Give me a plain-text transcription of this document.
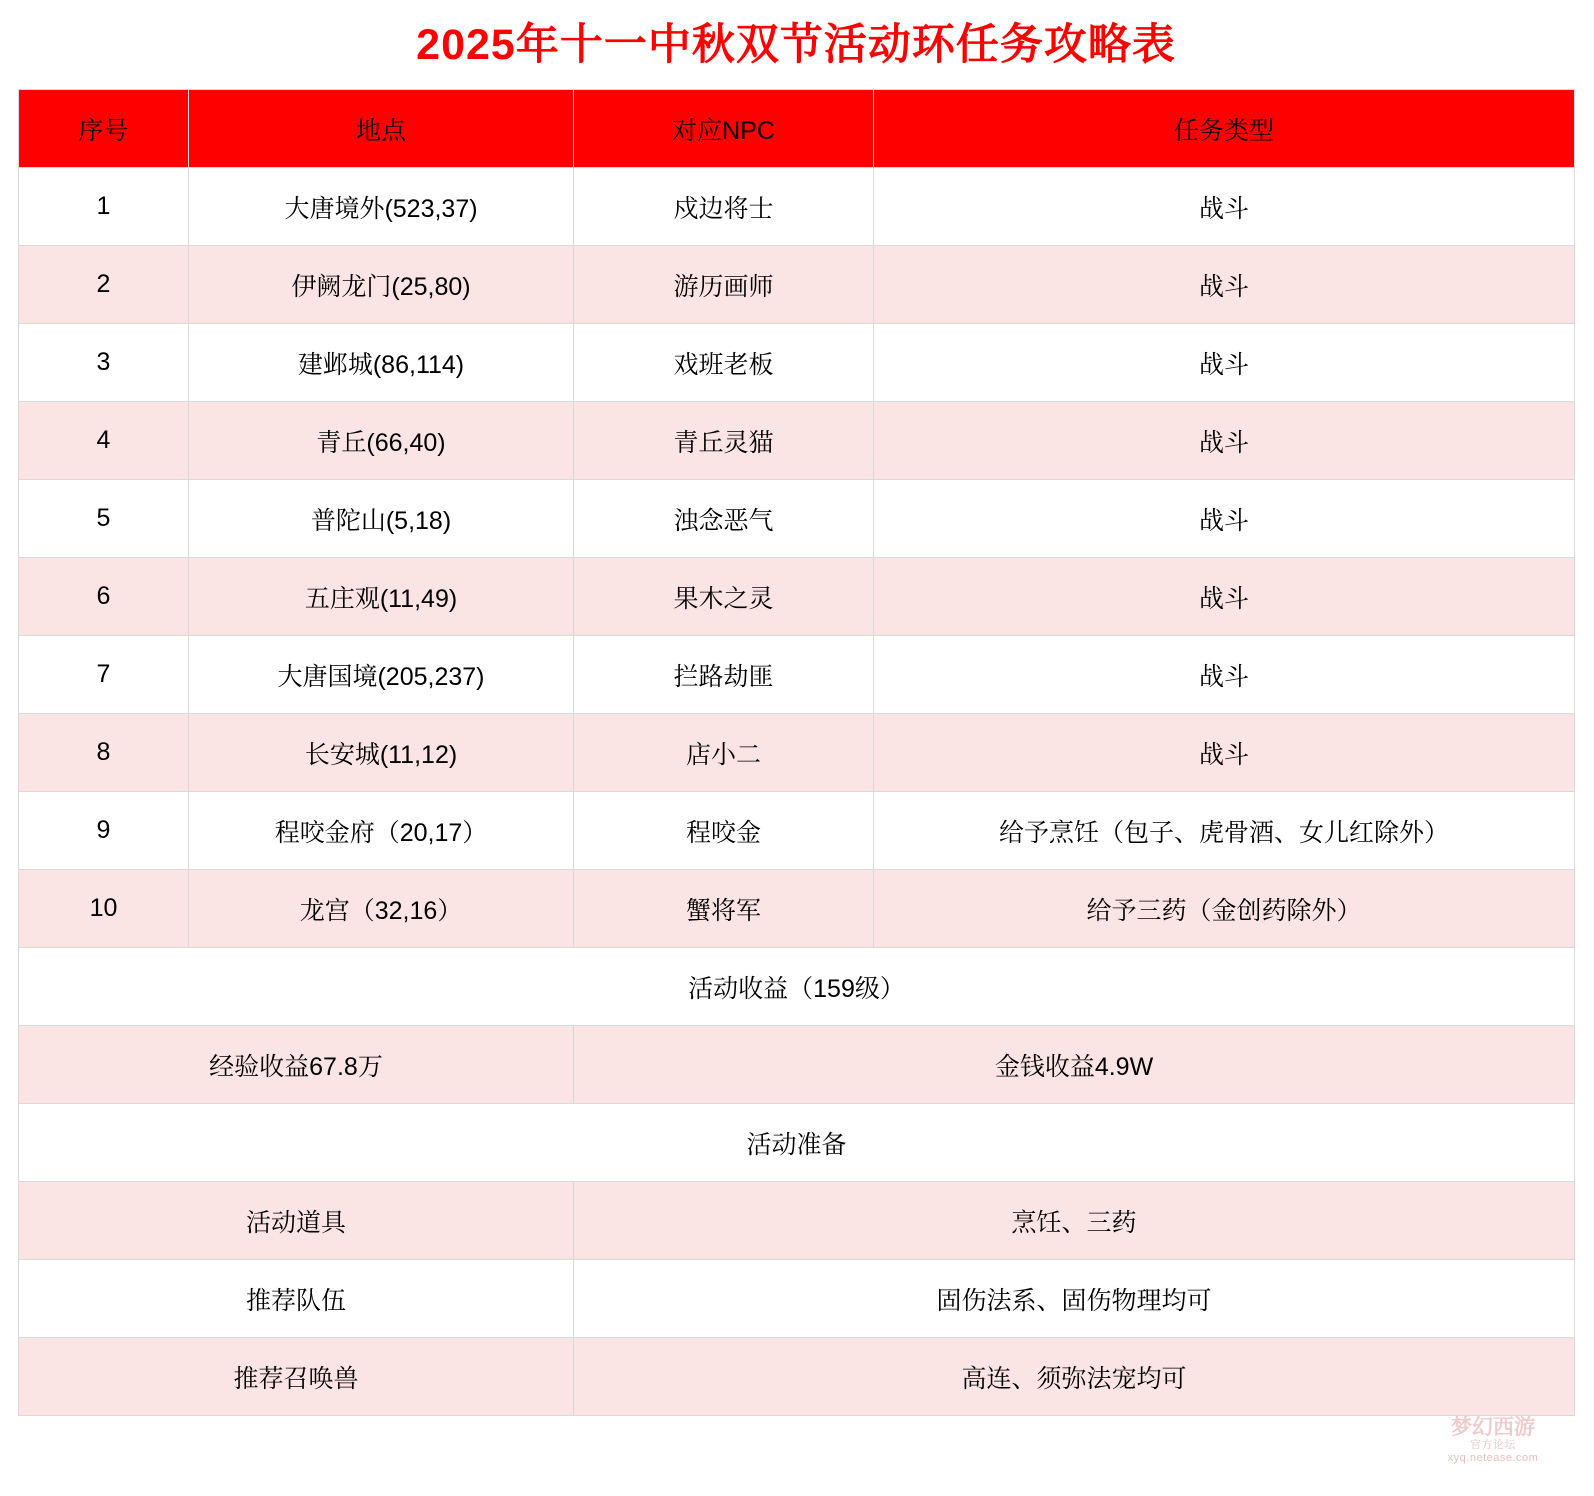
2025年十一中秋双节活动环任务攻略表
序号	地点	对应NPC	任务类型
1	大唐境外(523,37)	戍边将士	战斗
2	伊阙龙门(25,80)	游历画师	战斗
3	建邺城(86,114)	戏班老板	战斗
4	青丘(66,40)	青丘灵猫	战斗
5	普陀山(5,18)	浊念恶气	战斗
6	五庄观(11,49)	果木之灵	战斗
7	大唐国境(205,237)	拦路劫匪	战斗
8	长安城(11,12)	店小二	战斗
9	程咬金府（20,17）	程咬金	给予烹饪（包子、虎骨酒、女儿红除外）
10	龙宫（32,16）	蟹将军	给予三药（金创药除外）
活动收益（159级）			
经验收益67.8万		金钱收益4.9W	
活动准备			
活动道具		烹饪、三药	
推荐队伍		固伤法系、固伤物理均可	
推荐召唤兽		高连、须弥法宠均可	
梦幻西游
官方论坛
xyq.netease.com
